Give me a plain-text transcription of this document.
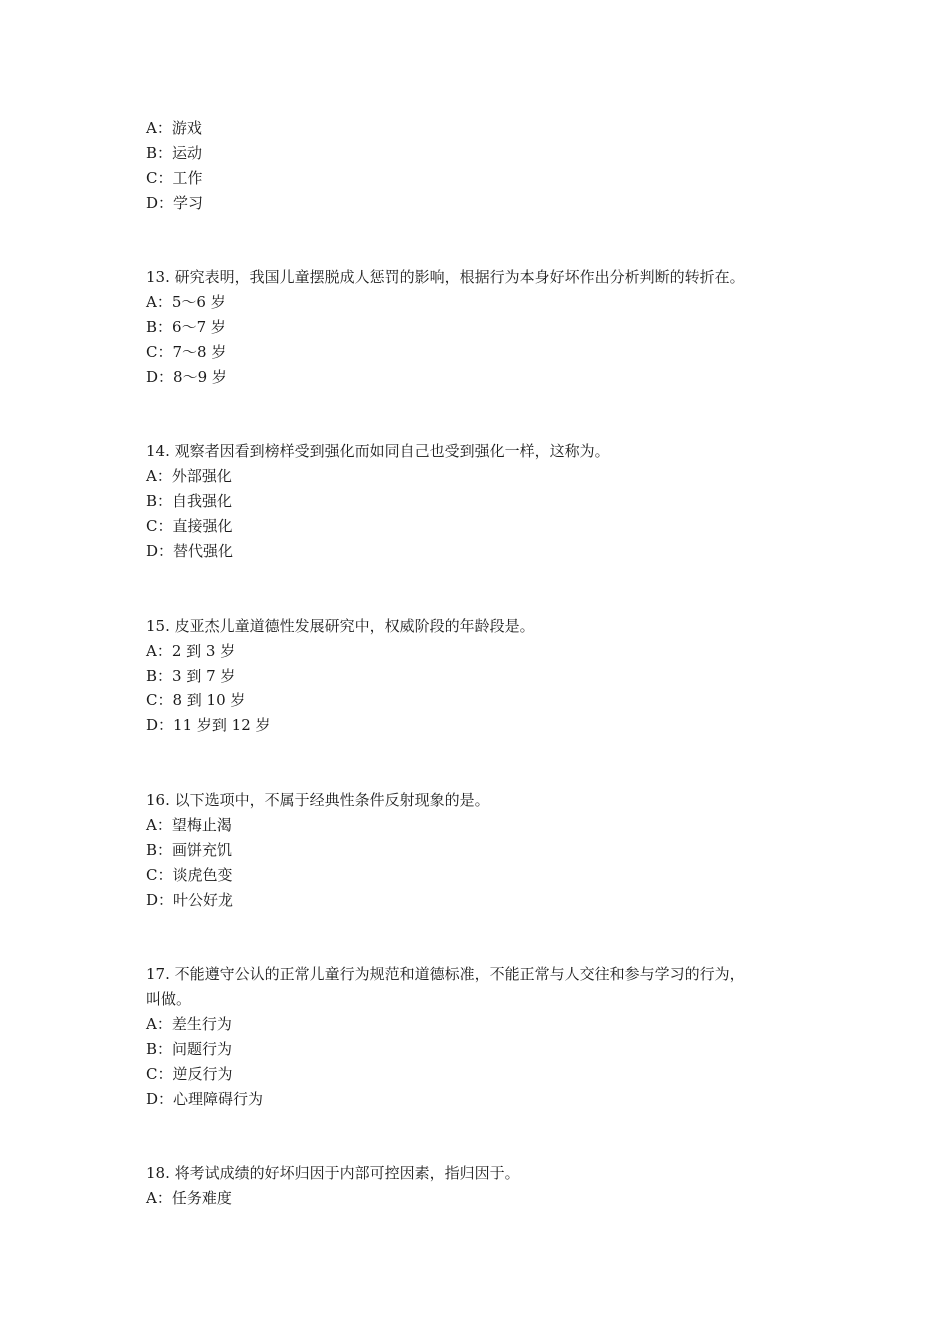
A：游戏
B：运动
C：工作
D：学习
13. 研究表明，我国儿童摆脱成人惩罚的影响，根据行为本身好坏作出分析判断的转折在。
A：5～6 岁
B：6～7 岁
C：7～8 岁
D：8～9 岁
14. 观察者因看到榜样受到强化而如同自己也受到强化一样，这称为。
A：外部强化
B：自我强化
C：直接强化
D：替代强化
15. 皮亚杰儿童道德性发展研究中，权威阶段的年龄段是。
A：2 到 3 岁
B：3 到 7 岁
C：8 到 10 岁
D：11 岁到 12 岁
16. 以下选项中，不属于经典性条件反射现象的是。
A：望梅止渴
B：画饼充饥
C：谈虎色变
D：叶公好龙
17. 不能遵守公认的正常儿童行为规范和道德标准，不能正常与人交往和参与学习的行为，
叫做。
A：差生行为
B：问题行为
C：逆反行为
D：心理障碍行为
18. 将考试成绩的好坏归因于内部可控因素，指归因于。
A：任务难度
